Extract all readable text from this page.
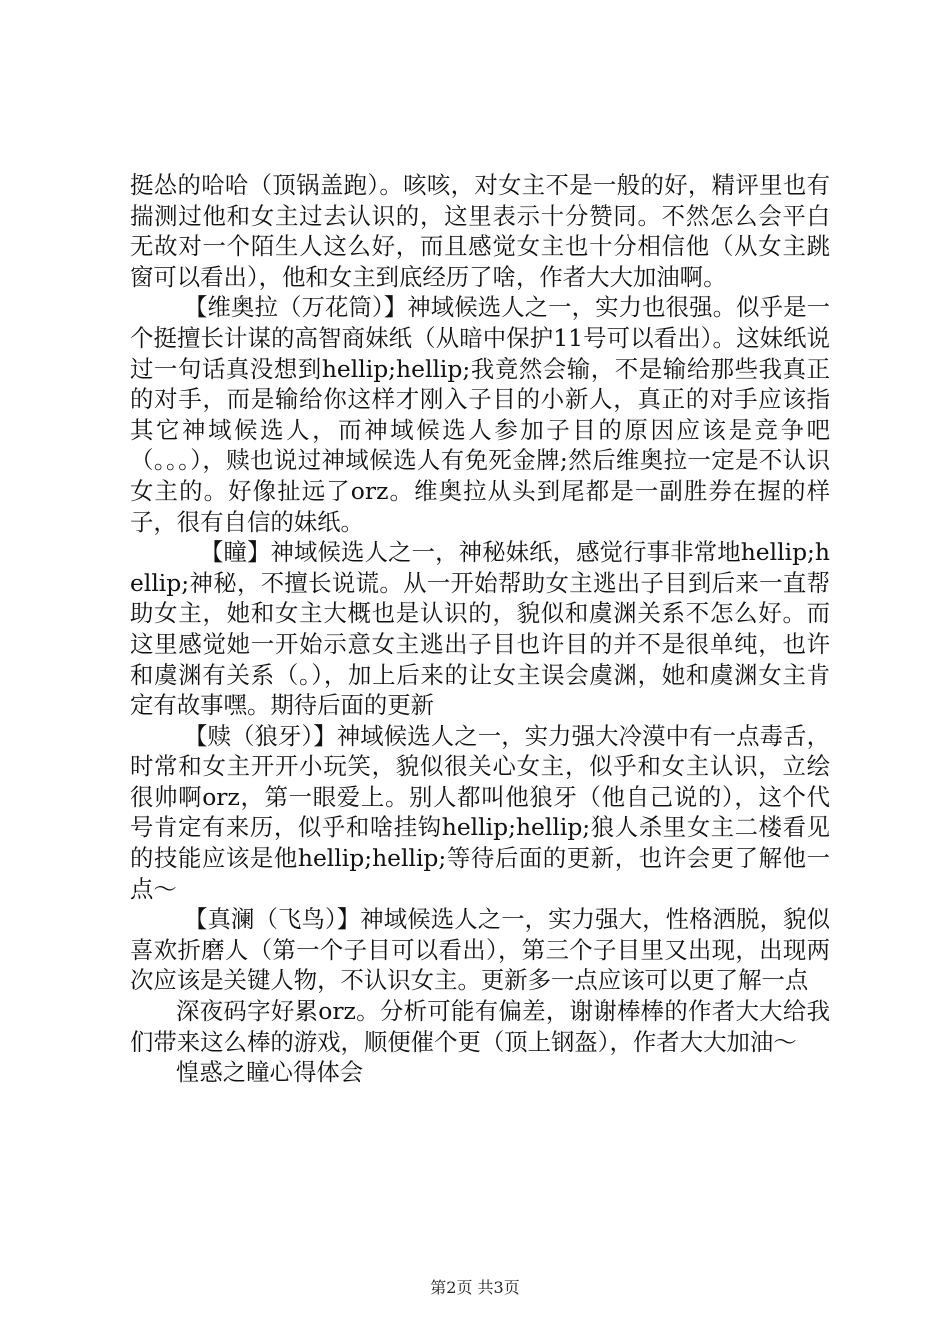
挺怂的哈哈（顶锅盖跑）。咳咳，对女主不是一般的好，精评里也有揣测过他和女主过去认识的，这里表示十分赞同。不然怎么会平白无故对一个陌生人这么好，而且感觉女主也十分相信他（从女主跳窗可以看出），他和女主到底经历了啥，作者大大加油啊。

【维奥拉（万花筒）】神域候选人之一，实力也很强。似乎是一个挺擅长计谋的高智商妹纸（从暗中保护11号可以看出）。这妹纸说过一句话真没想到hellip;hellip;我竟然会输，不是输给那些我真正的对手，而是输给你这样才刚入子目的小新人，真正的对手应该指其它神域候选人，而神域候选人参加子目的原因应该是竞争吧（。。。），赎也说过神域候选人有免死金牌;然后维奥拉一定是不认识女主的。好像扯远了orz。维奥拉从头到尾都是一副胜券在握的样子，很有自信的妹纸。

【瞳】神域候选人之一，神秘妹纸，感觉行事非常地hellip;hellip;神秘，不擅长说谎。从一开始帮助女主逃出子目到后来一直帮助女主，她和女主大概也是认识的，貌似和虞渊关系不怎么好。而这里感觉她一开始示意女主逃出子目也许目的并不是很单纯，也许和虞渊有关系（。），加上后来的让女主误会虞渊，她和虞渊女主肯定有故事嘿。期待后面的更新

【赎（狼牙）】神域候选人之一，实力强大冷漠中有一点毒舌，时常和女主开开小玩笑，貌似很关心女主，似乎和女主认识，立绘很帅啊orz，第一眼爱上。别人都叫他狼牙（他自己说的），这个代号肯定有来历，似乎和啥挂钩hellip;hellip;狼人杀里女主二楼看见的技能应该是他hellip;hellip;等待后面的更新，也许会更了解他一点～

【真澜（飞鸟）】神域候选人之一，实力强大，性格洒脱，貌似喜欢折磨人（第一个子目可以看出），第三个子目里又出现，出现两次应该是关键人物，不认识女主。更新多一点应该可以更了解一点

深夜码字好累orz。分析可能有偏差，谢谢棒棒的作者大大给我们带来这么棒的游戏，顺便催个更（顶上钢盔），作者大大加油～

惶惑之瞳心得体会

第2页 共3页
